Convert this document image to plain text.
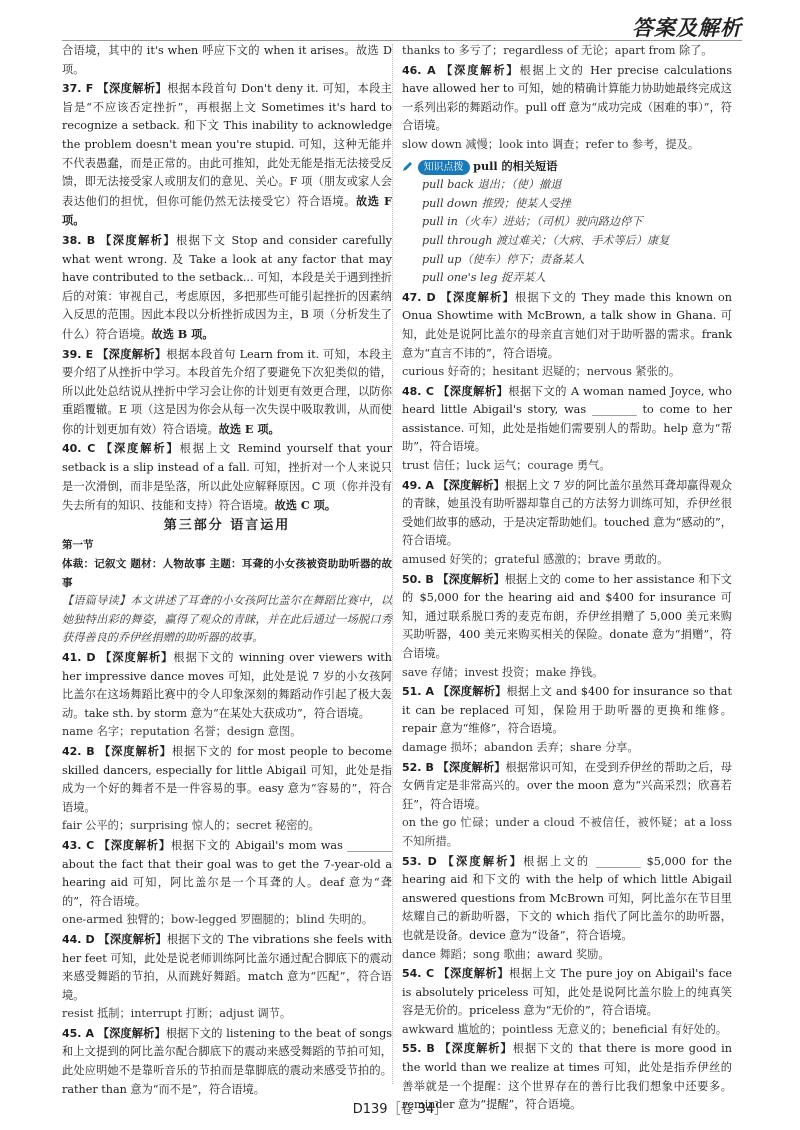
答案及解析

合语境，其中的 it's when 呼应下文的 when it arises。故选 D 项。

37. F 【深度解析】根据本段首句 Don't deny it. 可知，本段主旨是“不应该否定挫折”，再根据上文 Sometimes it's hard to recognize a setback. 和下文 This inability to acknowledge the problem doesn't mean you're stupid. 可知，这种无能并不代表愚蠢，而是正常的。由此可推知，此处无能是指无法接受反馈，即无法接受家人或朋友们的意见、关心。F 项（朋友或家人会表达他们的担忧，但你可能仍然无法接受它）符合语境。故选 F 项。

38. B 【深度解析】根据下文 Stop and consider carefully what went wrong. 及 Take a look at any factor that may have contributed to the setback... 可知，本段是关于遇到挫折后的对策：审视自己，考虑原因，多把那些可能引起挫折的因素纳入反思的范围。因此本段以分析挫折成因为主，B 项（分析发生了什么）符合语境。故选 B 项。

39. E 【深度解析】根据本段首句 Learn from it. 可知，本段主要介绍了从挫折中学习。本段首先介绍了要避免下次犯类似的错，所以此处总结说从挫折中学习会让你的计划更有效更合理，以防你重蹈覆辙。E 项（这是因为你会从每一次失误中吸取教训，从而使你的计划更加有效）符合语境。故选 E 项。

40. C 【深度解析】根据上文 Remind yourself that your setback is a slip instead of a fall. 可知，挫折对一个人来说只是一次滑倒，而非是坠落，所以此处应解释原因。C 项（你并没有失去所有的知识、技能和支持）符合语境。故选 C 项。

第三部分 语言运用

第一节

体裁：记叙文 题材：人物故事 主题：耳聋的小女孩被资助助听器的故事

【语篇导读】本文讲述了耳聋的小女孩阿比盖尔在舞蹈比赛中，以她独特出彩的舞姿，赢得了观众的青睐，并在此后通过一场脱口秀获得善良的乔伊丝捐赠的助听器的故事。

41. D 【深度解析】根据下文的 winning over viewers with her impressive dance moves 可知，此处是说 7 岁的小女孩阿比盖尔在这场舞蹈比赛中的令人印象深刻的舞蹈动作引起了极大轰动。take sth. by storm 意为“在某处大获成功”，符合语境。

name 名字；reputation 名誉；design 意图。

42. B 【深度解析】根据下文的 for most people to become skilled dancers, especially for little Abigail 可知，此处是指成为一个好的舞者不是一件容易的事。easy 意为“容易的”，符合语境。

fair 公平的；surprising 惊人的；secret 秘密的。

43. C 【深度解析】根据下文的 Abigail's mom was ________ about the fact that their goal was to get the 7-year-old a hearing aid 可知，阿比盖尔是一个耳聋的人。deaf 意为“聋的”，符合语境。

one-armed 独臂的；bow-legged 罗圈腿的；blind 失明的。

44. D 【深度解析】根据下文的 The vibrations she feels with her feet 可知，此处是说老师训练阿比盖尔通过配合脚底下的震动来感受舞蹈的节拍，从而跳好舞蹈。match 意为“匹配”，符合语境。

resist 抵制；interrupt 打断；adjust 调节。

45. A 【深度解析】根据下文的 listening to the beat of songs 和上文提到的阿比盖尔配合脚底下的震动来感受舞蹈的节拍可知，此处应明她不是靠听音乐的节拍而是靠脚底的震动来感受节拍的。rather than 意为“而不是”，符合语境。

thanks to 多亏了；regardless of 无论；apart from 除了。

46. A 【深度解析】根据上文的 Her precise calculations have allowed her to 可知，她的精确计算能力协助她最终完成这一系列出彩的舞蹈动作。pull off 意为“成功完成（困难的事）”，符合语境。

slow down 减慢；look into 调查；refer to 参考，提及。

知识点拨 pull 的相关短语
pull back 退出；（使）撤退
pull down 推毁；使某人受挫
pull in（火车）进站；（司机）驶向路边停下
pull through 渡过难关；（大病、手术等后）康复
pull up（使车）停下；责备某人
pull one's leg 捉弄某人

47. D 【深度解析】根据下文的 They made this known on Onua Showtime with McBrown, a talk show in Ghana. 可知，此处是说阿比盖尔的母亲直言她们对于助听器的需求。frank 意为“直言不讳的”，符合语境。

curious 好奇的；hesitant 迟疑的；nervous 紧张的。

48. C 【深度解析】根据下文的 A woman named Joyce, who heard little Abigail's story, was ________ to come to her assistance. 可知，此处是指她们需要别人的帮助。help 意为“帮助”，符合语境。

trust 信任；luck 运气；courage 勇气。

49. A 【深度解析】根据上文 7 岁的阿比盖尔虽然耳聋却赢得观众的青睐，她虽没有助听器却靠自己的方法努力训练可知，乔伊丝很受她们故事的感动，于是决定帮助她们。touched 意为“感动的”，符合语境。

amused 好笑的；grateful 感激的；brave 勇敢的。

50. B 【深度解析】根据上文的 come to her assistance 和下文的 $5,000 for the hearing aid and $400 for insurance 可知，通过联系脱口秀的麦克布朗，乔伊丝捐赠了 5,000 美元来购买助听器，400 美元来购买相关的保险。donate 意为“捐赠”，符合语境。

save 存储；invest 投资；make 挣钱。

51. A 【深度解析】根据上文 and $400 for insurance so that it can be replaced 可知，保险用于助听器的更换和维修。repair 意为“维修”，符合语境。

damage 损坏；abandon 丢弃；share 分享。

52. B 【深度解析】根据常识可知，在受到乔伊丝的帮助之后，母女俩肯定是非常高兴的。over the moon 意为“兴高采烈；欣喜若狂”，符合语境。

on the go 忙碌；under a cloud 不被信任，被怀疑；at a loss 不知所措。

53. D 【深度解析】根据上文的 ________ $5,000 for the hearing aid 和下文的 with the help of which little Abigail answered questions from McBrown 可知，阿比盖尔在节目里炫耀自己的新助听器，下文的 which 指代了阿比盖尔的助听器，也就是设备。device 意为“设备”，符合语境。

dance 舞蹈；song 歌曲；award 奖励。

54. C 【深度解析】根据上文 The pure joy on Abigail's face is absolutely priceless 可知，此处是说阿比盖尔脸上的纯真笑容是无价的。priceless 意为“无价的”，符合语境。

awkward 尴尬的；pointless 无意义的；beneficial 有好处的。

55. B 【深度解析】根据下文的 that there is more good in the world than we realize at times 可知，此处是指乔伊丝的善举就是一个提醒：这个世界存在的善行比我们想象中还要多。reminder 意为“提醒”，符合语境。

D139［卷 34］
